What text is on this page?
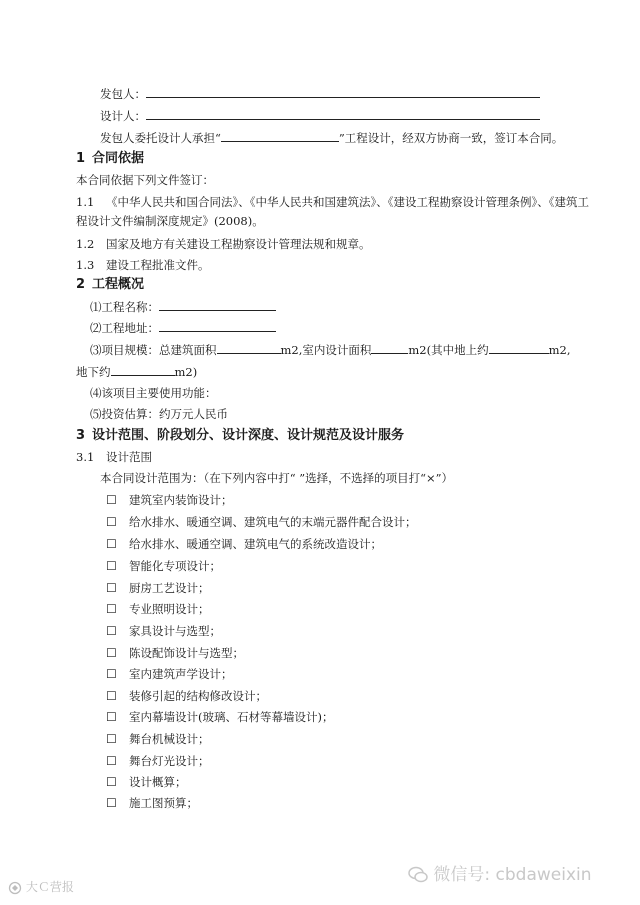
发包人：
设计人：
发包人委托设计人承担“	”工程设计，经双方协商一致，签订本合同。
1 合同依据
本合同依据下列文件签订：
1.1 《中华人民共和国合同法》、《中华人民共和国建筑法》、《建设工程勘察设计管理条例》、《建筑工
程设计文件编制深度规定》(2008)。
1.2 国家及地方有关建设工程勘察设计管理法规和规章。
1.3 建设工程批准文件。
2 工程概况
⑴工程名称：
⑵工程地址：
⑶项目规模：总建筑面积	m2,室内设计面积	m2(其中地上约	m2,
地下约	m2)
⑷该项目主要使用功能：
⑸投资估算：约万元人民币
3 设计范围、阶段划分、设计深度、设计规范及设计服务
3.1 设计范围
本合同设计范围为：（在下列内容中打“ ”选择，不选择的项目打“×”）
☐ 建筑室内装饰设计；
☐ 给水排水、暖通空调、建筑电气的末端元器件配合设计；
☐ 给水排水、暖通空调、建筑电气的系统改造设计；
☐ 智能化专项设计；
☐ 厨房工艺设计；
☐ 专业照明设计；
☐ 家具设计与选型；
☐ 陈设配饰设计与选型；
☐ 室内建筑声学设计；
☐ 装修引起的结构修改设计；
☐ 室内幕墙设计(玻璃、石材等幕墙设计)；
☐ 舞台机械设计；
☐ 舞台灯光设计；
☐ 设计概算；
☐ 施工图预算；
微信号: cbdaweixin
大Ｃ营报
